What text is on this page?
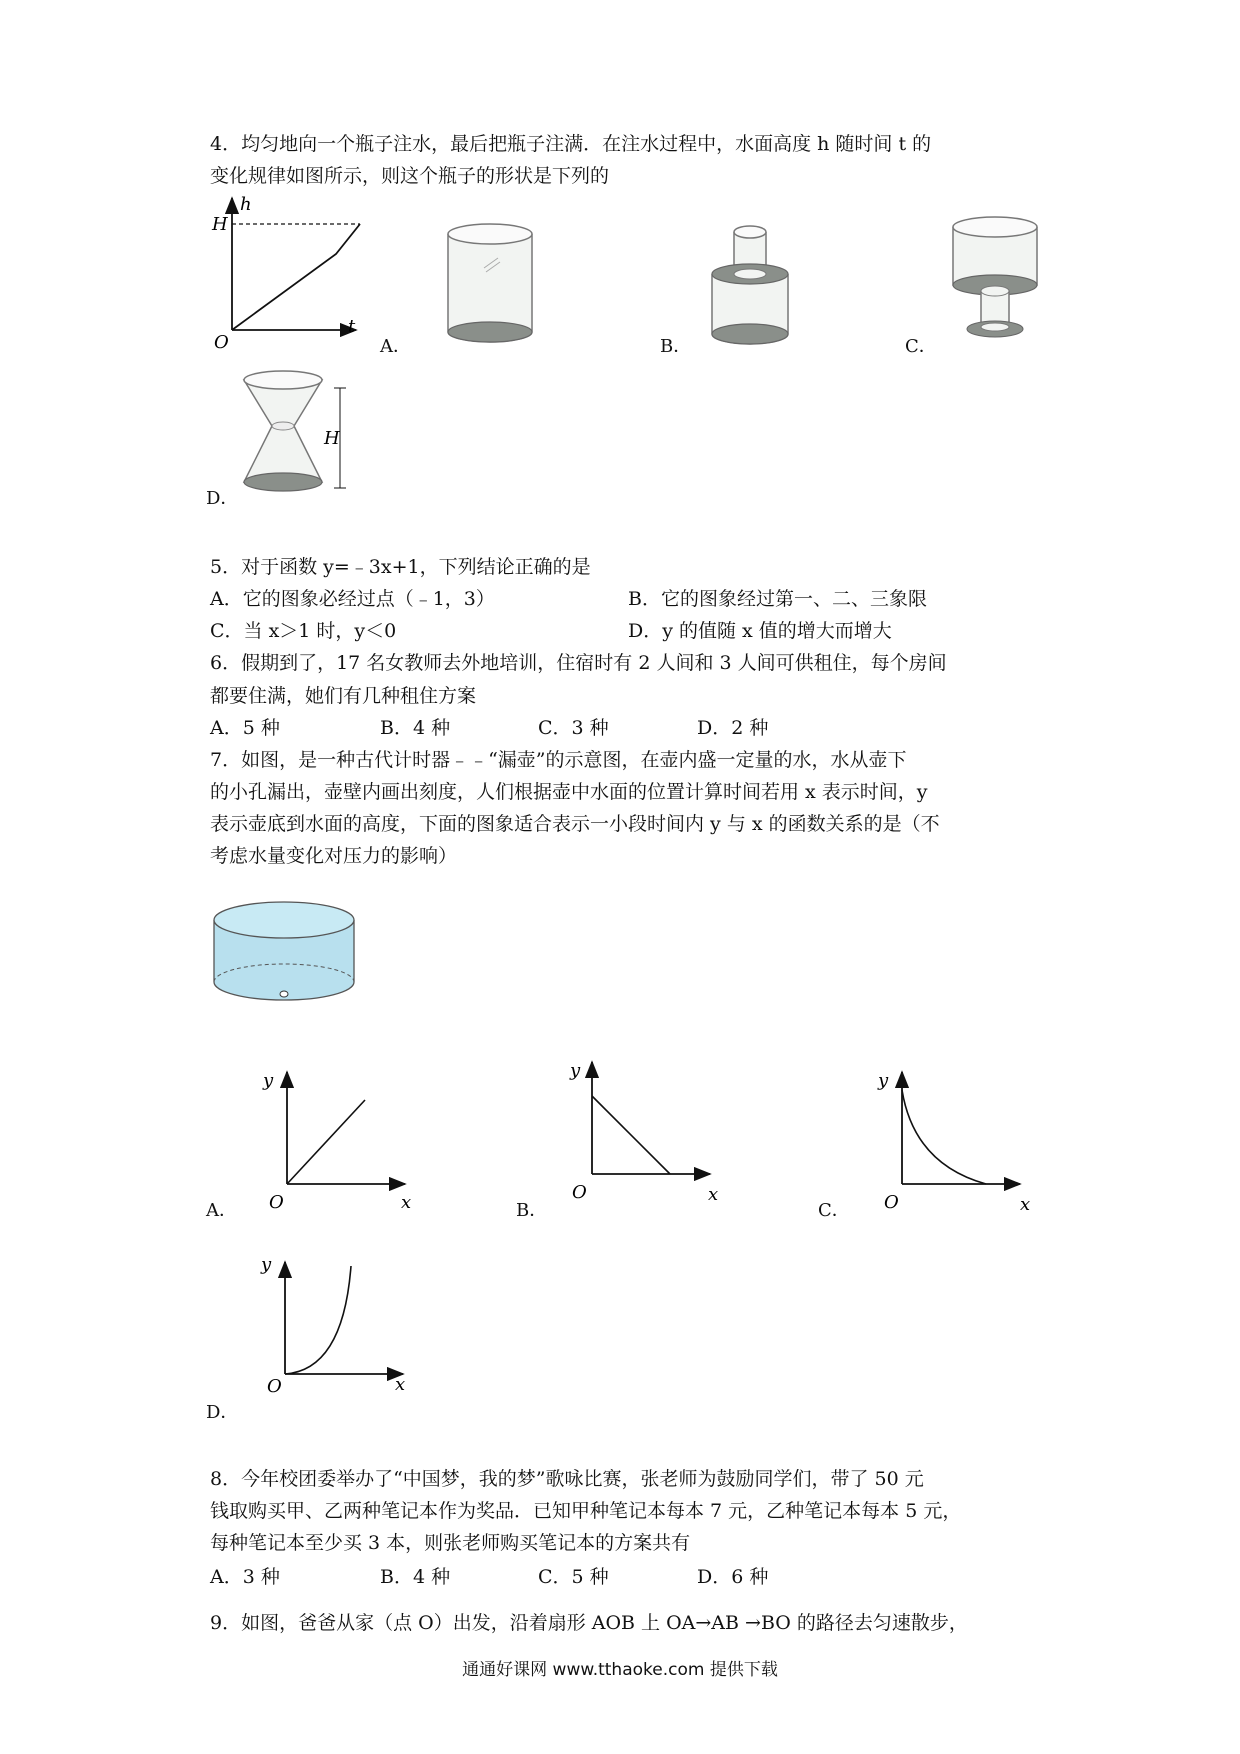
4．均匀地向一个瓶子注水，最后把瓶子注满．在注水过程中，水面高度 h 随时间 t 的
变化规律如图所示，则这个瓶子的形状是下列的
h
H
t
O	A．	B．	C．
D．
H
5．对于函数 y=﹣3x+1，下列结论正确的是
A．它的图象必经过点（﹣1，3）	B．它的图象经过第一、二、三象限
C．当 x＞1 时，y＜0	D．y 的值随 x 值的增大而增大
6．假期到了，17 名女教师去外地培训，住宿时有 2 人间和 3 人间可供租住，每个房间
都要住满，她们有几种租住方案
A．5 种	B．4 种	C．3 种	D．2 种
7．如图，是一种古代计时器﹣﹣“漏壶”的示意图，在壶内盛一定量的水，水从壶下
的小孔漏出，壶壁内画出刻度，人们根据壶中水面的位置计算时间若用 x 表示时间，y
表示壶底到水面的高度，下面的图象适合表示一小段时间内 y 与 x 的函数关系的是（不
考虑水量变化对压力的影响）
A．
y
x
O	B．
y
x
O
C．
y
x
O
D．
y
x
O
8．今年校团委举办了“中国梦，我的梦”歌咏比赛，张老师为鼓励同学们，带了 50 元
钱取购买甲、乙两种笔记本作为奖品．已知甲种笔记本每本 7 元，乙种笔记本每本 5 元，
每种笔记本至少买 3 本，则张老师购买笔记本的方案共有
A．3 种	B．4 种	C．5 种	D．6 种
9．如图，爸爸从家（点 O）出发，沿着扇形 AOB 上 OA→AB →BO 的路径去匀速散步，
通通好课网 www.tthaoke.com 提供下载
